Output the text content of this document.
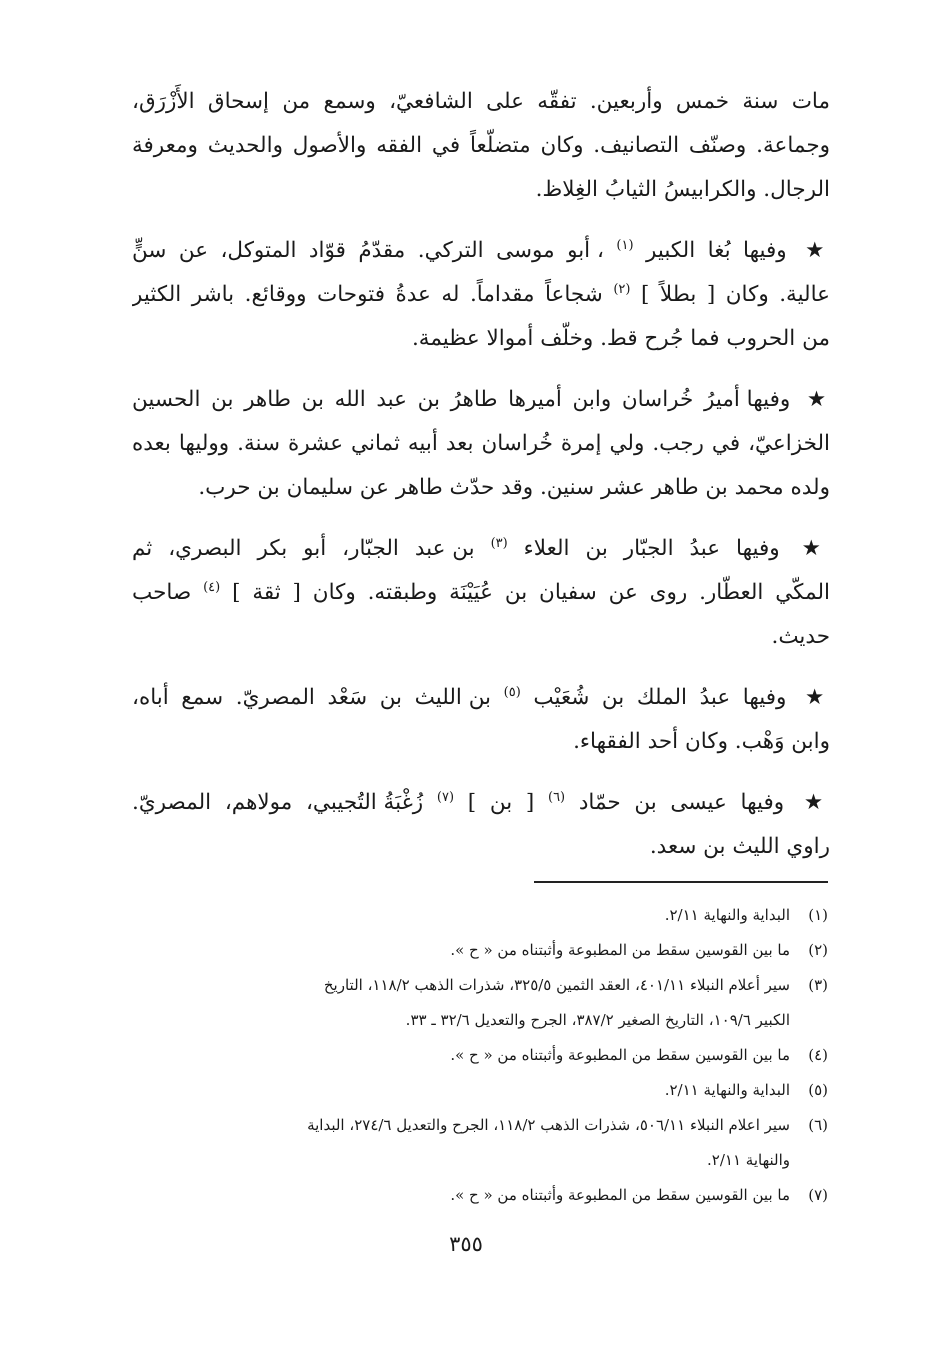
مات سنة خمس وأربعين. تفقّه على الشافعيّ، وسمع من إسحاق الأَزْرَق،
وجماعة. وصنّف التصانيف. وكان متضلّعاً في الفقه والأصول والحديث ومعرفة
الرجال. والكرابيسُ الثيابُ الغِلاظ.

★ وفيها بُغا الكبير $^{(١)}$ ، أبو موسى التركي. مقدّمُ قوّاد المتوكل، عن سنٍّ
عالية. وكان [ بطلاً ] $^{(٢)}$ شجاعاً مقداماً. له عدةُ فتوحات ووقائع. باشر الكثير
من الحروب فما جُرح قط. وخلّف أموالا عظيمة.

★ وفيها أميرُ خُراسان وابن أميرها طاهرُ بن عبد الله بن طاهر بن الحسين
الخزاعيّ، في رجب. ولي إمرة خُراسان بعد أبيه ثماني عشرة سنة. ووليها بعده
ولده محمد بن طاهر عشر سنين. وقد حدّث طاهر عن سليمان بن حرب.

★ وفيها عبدُ الجبّار بن العلاء $^{(٣)}$ بن عبد الجبّار، أبو بكر البصري، ثم
المكّي العطّار. روى عن سفيان بن عُيَيْنَة وطبقته. وكان [ ثقة ] $^{(٤)}$ صاحب
حديث.

★ وفيها عبدُ الملك بن شُعَيْب $^{(٥)}$ بن الليث بن سَعْد المصريّ. سمع أباه،
وابن وَهْب. وكان أحد الفقهاء.

★ وفيها عيسى بن حمّاد $^{(٦)}$ [ بن ] $^{(٧)}$ زُغْبَةُ التُجيبي، مولاهم، المصريّ.
راوي الليث بن سعد.

(١)
البداية والنهاية ٢/١١.
(٢)
ما بين القوسين سقط من المطبوعة وأثبتناه من « ح ».
(٣)
سير أعلام النبلاء ٤٠١/١١، العقد الثمين ٣٢٥/٥، شذرات الذهب ١١٨/٢، التاريخ
الكبير ١٠٩/٦، التاريخ الصغير ٣٨٧/٢، الجرح والتعديل ٣٢/٦ ـ ٣٣.
(٤)
ما بين القوسين سقط من المطبوعة وأثبتناه من « ح ».
(٥)
البداية والنهاية ٢/١١.
(٦)
سير اعلام النبلاء ٥٠٦/١١، شذرات الذهب ١١٨/٢، الجرح والتعديل ٢٧٤/٦، البداية
والنهاية ٢/١١.
(٧)
ما بين القوسين سقط من المطبوعة وأثبتناه من « ح ».
٣٥٥
